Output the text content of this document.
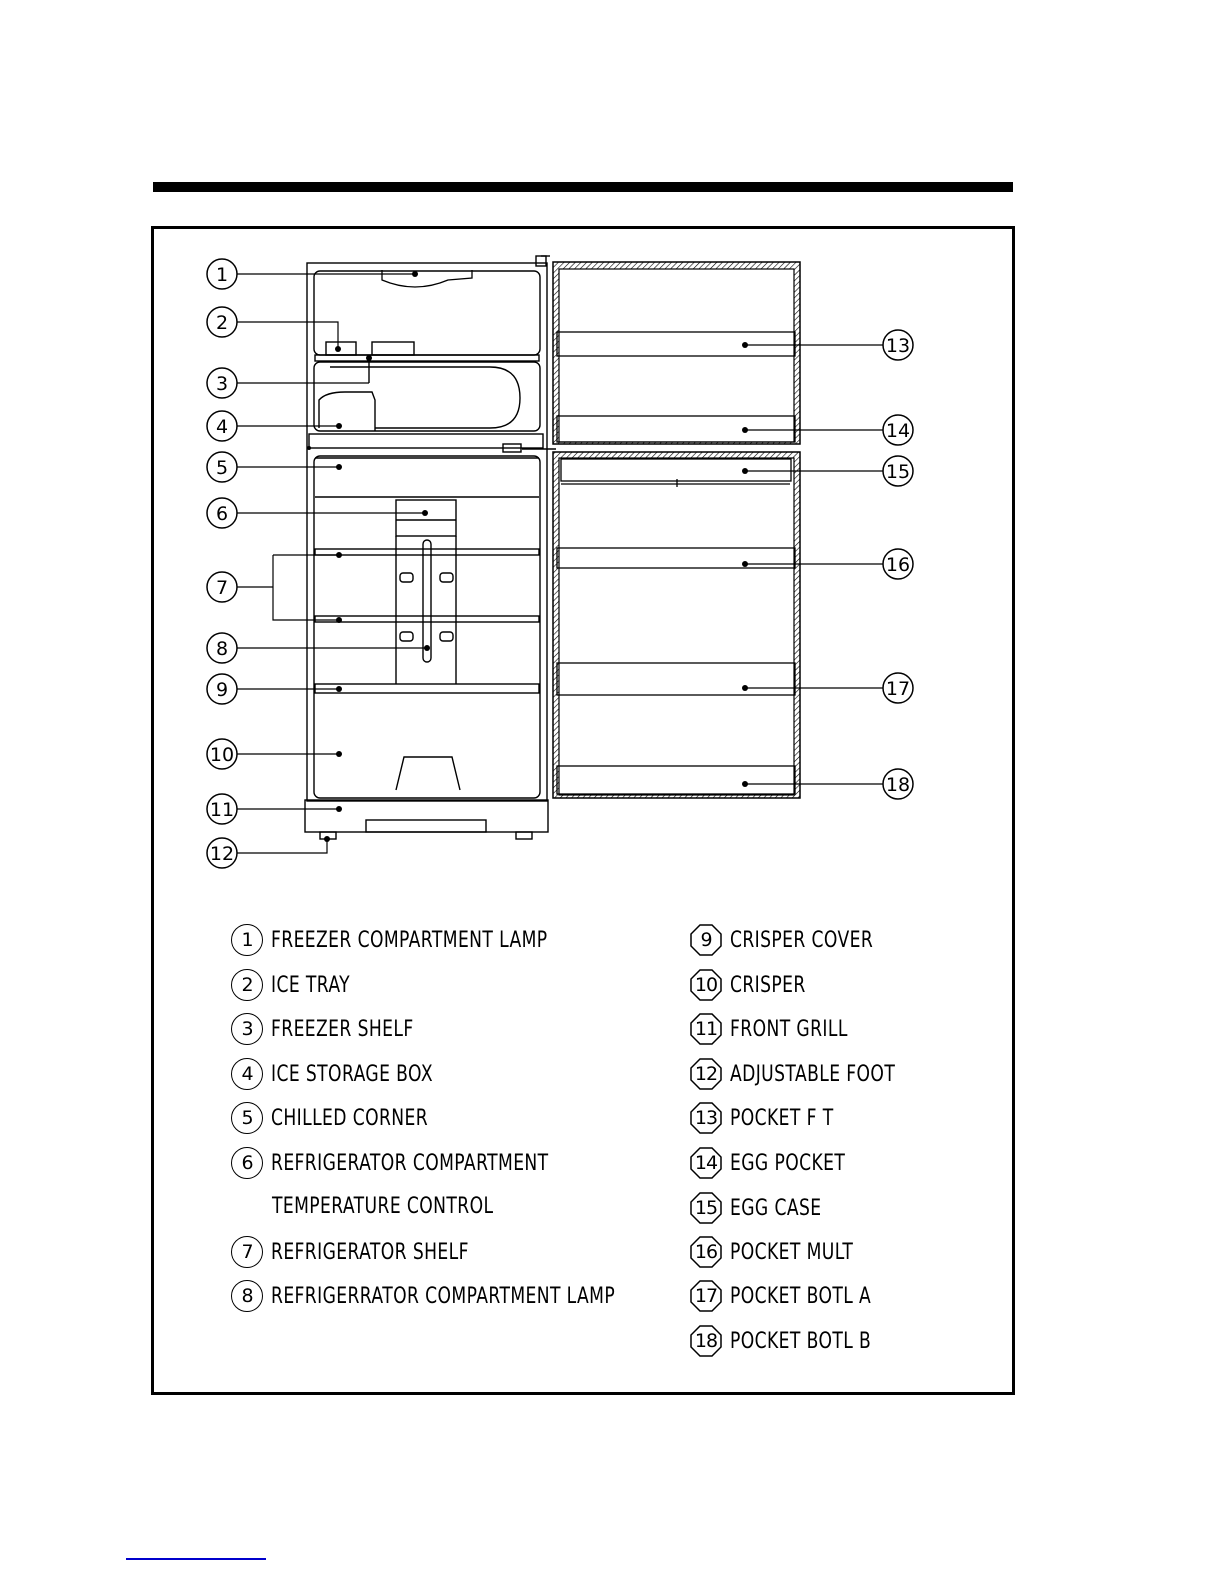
1
2
3
4
5
6
7
8
9
10
11
12
13
14
15
16
17
18
1 FREEZER COMPARTMENT LAMP
2 ICE TRAY
3 FREEZER SHELF
4 ICE STORAGE BOX
5 CHILLED CORNER
6 REFRIGERATOR COMPARTMENT
TEMPERATURE CONTROL
7 REFRIGERATOR SHELF
8 REFRIGERRATOR COMPARTMENT LAMP
9 CRISPER COVER
10 CRISPER
11 FRONT GRILL
12 ADJUSTABLE FOOT
13 POCKET F T
14 EGG POCKET
15 EGG CASE
16 POCKET MULT
17 POCKET BOTL A
18 POCKET BOTL B
